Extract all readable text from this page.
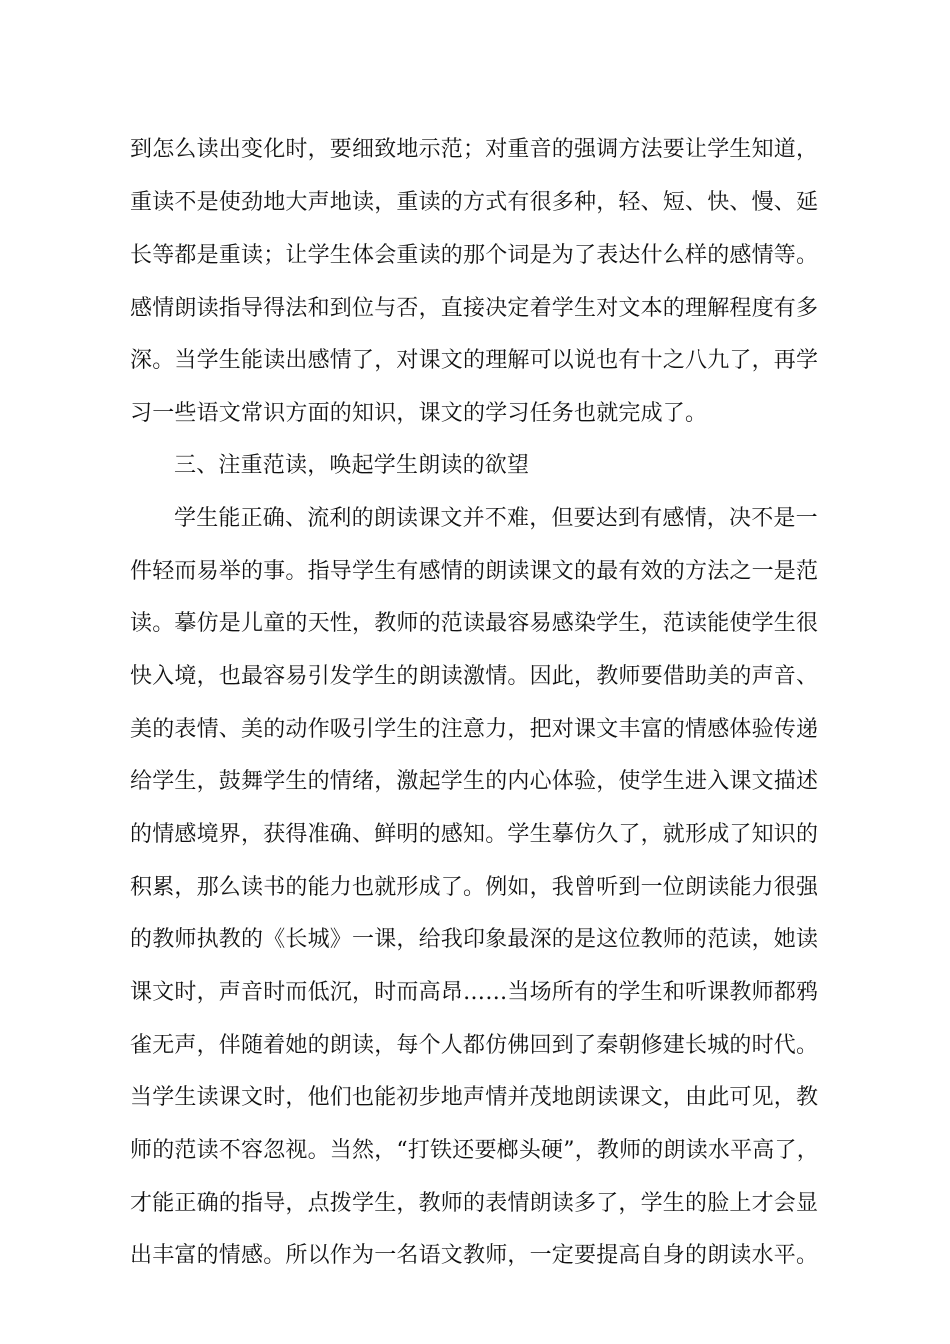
到怎么读出变化时，要细致地示范；对重音的强调方法要让学生知道，
重读不是使劲地大声地读，重读的方式有很多种，轻、短、快、慢、延
长等都是重读；让学生体会重读的那个词是为了表达什么样的感情等。
感情朗读指导得法和到位与否，直接决定着学生对文本的理解程度有多
深。当学生能读出感情了，对课文的理解可以说也有十之八九了，再学
习一些语文常识方面的知识，课文的学习任务也就完成了。
三、注重范读，唤起学生朗读的欲望
学生能正确、流利的朗读课文并不难，但要达到有感情，决不是一
件轻而易举的事。指导学生有感情的朗读课文的最有效的方法之一是范
读。摹仿是儿童的天性，教师的范读最容易感染学生，范读能使学生很
快入境，也最容易引发学生的朗读激情。因此，教师要借助美的声音、
美的表情、美的动作吸引学生的注意力，把对课文丰富的情感体验传递
给学生，鼓舞学生的情绪，激起学生的内心体验，使学生进入课文描述
的情感境界，获得准确、鲜明的感知。学生摹仿久了，就形成了知识的
积累，那么读书的能力也就形成了。例如，我曾听到一位朗读能力很强
的教师执教的《长城》一课，给我印象最深的是这位教师的范读，她读
课文时，声音时而低沉，时而高昂……当场所有的学生和听课教师都鸦
雀无声，伴随着她的朗读，每个人都仿佛回到了秦朝修建长城的时代。
当学生读课文时，他们也能初步地声情并茂地朗读课文，由此可见，教
师的范读不容忽视。当然，“打铁还要榔头硬”，教师的朗读水平高了，
才能正确的指导，点拨学生，教师的表情朗读多了，学生的脸上才会显
出丰富的情感。所以作为一名语文教师，一定要提高自身的朗读水平。
